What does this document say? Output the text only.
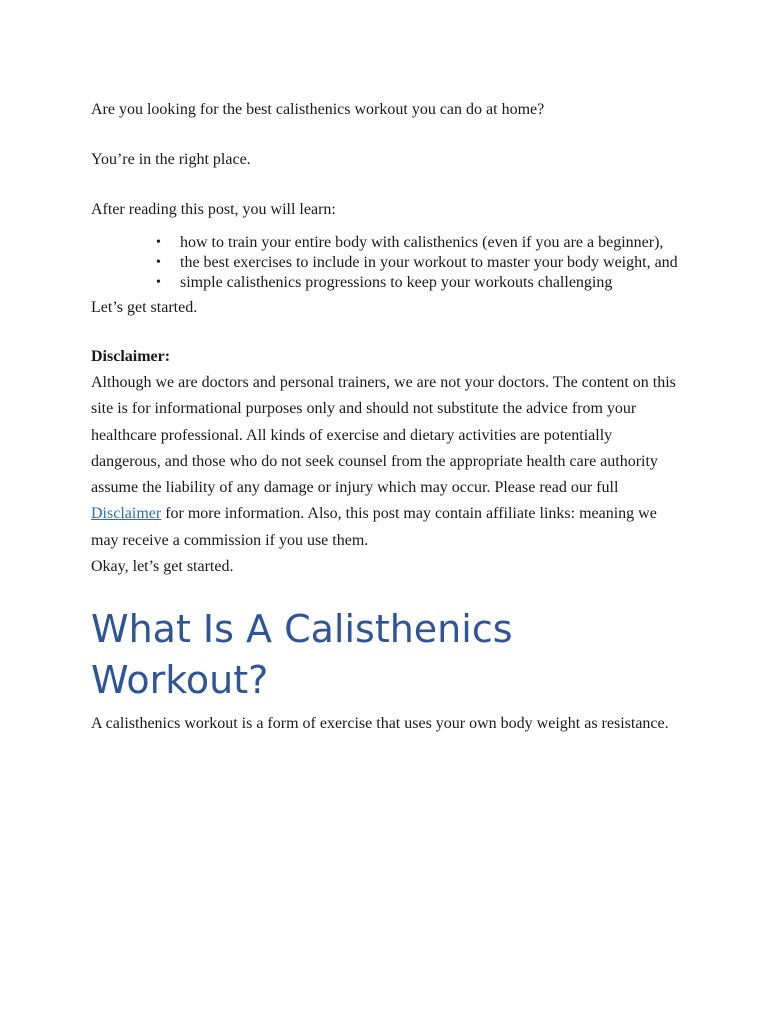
Are you looking for the best calisthenics workout you can do at home?

You’re in the right place.

After reading this post, you will learn:

• how to train your entire body with calisthenics (even if you are a beginner),
• the best exercises to include in your workout to master your body weight, and
• simple calisthenics progressions to keep your workouts challenging

Let’s get started.

Disclaimer:

Although we are doctors and personal trainers, we are not your doctors. The content on this site is for informational purposes only and should not substitute the advice from your healthcare professional. All kinds of exercise and dietary activities are potentially dangerous, and those who do not seek counsel from the appropriate health care authority assume the liability of any damage or injury which may occur. Please read our full Disclaimer for more information. Also, this post may contain affiliate links: meaning we may receive a commission if you use them.

Okay, let’s get started.

What Is A Calisthenics Workout?

A calisthenics workout is a form of exercise that uses your own body weight as resistance.
